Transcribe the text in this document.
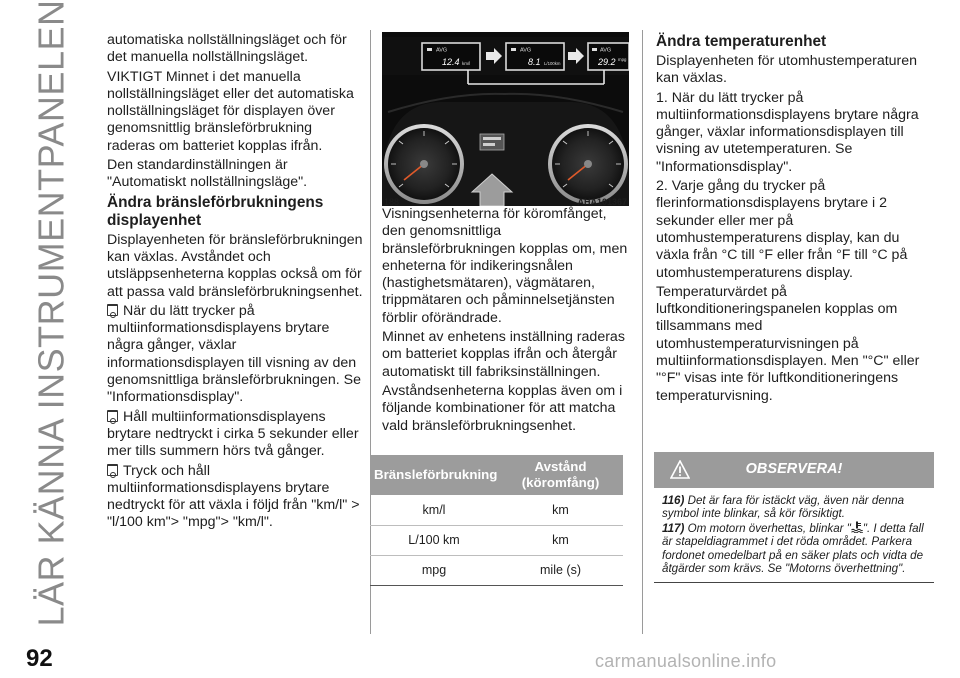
LÄR KÄNNA INSTRUMENTPANELEN	automatiska nollställningsläget och för det manuella nollställningsläget.

VIKTIGT Minnet i det manuella nollställningsläget eller det automatiska nollställningsläget för displayen över genomsnittlig bränsleförbrukning raderas om batteriet kopplas ifrån.

Den standardinställningen är "Automatiskt nollställningsläge".

Ändra bränsleförbrukningens displayenhet

Displayenheten för bränsleförbrukningen kan växlas. Avståndet och utsläppsenheterna kopplas också om för att passa vald bränsleförbrukningsenhet.

När du lätt trycker på multiinformationsdisplayens brytare några gånger, växlar informationsdisplayen till visning av den genomsnittliga bränsleförbrukningen. Se "Informationsdisplay".

Håll multiinformationsdisplayens brytare nedtryckt i cirka 5 sekunder eller mer tills summern hörs två gånger.

Tryck och håll multiinformationsdisplayens brytare nedtryckt för att växla i följd från "km/l" > "l/100 km"> "mpg"> "km/l".

AVG
12.4 km/l
AVG
8.1 L/100km
AVG
29.2 mpg
188	AHA101367

Visningsenheterna för köromfånget, den genomsnittliga bränsleförbrukningen kopplas om, men enheterna för indikeringsnålen (hastighetsmätaren), vägmätaren, trippmätaren och påminnelsetjänsten förblir oförändrade.

Minnet av enhetens inställning raderas om batteriet kopplas ifrån och återgår automatiskt till fabriksinställningen.

Avståndsenheterna kopplas även om i följande kombinationer för att matcha vald bränsleförbrukningsenhet.

Bränsleförbrukning	Avstånd (köromfång)
km/l	km
L/100 km	km
mpg	mile (s)
Ändra temperaturenhet

Displayenheten för utomhustemperaturen kan växlas.

1. När du lätt trycker på multiinformationsdisplayens brytare några gånger, växlar informationsdisplayen till visning av utetemperaturen. Se "Informationsdisplay".

2. Varje gång du trycker på flerinformationsdisplayens brytare i 2 sekunder eller mer på utomhustemperaturens display, kan du växla från °C till °F eller från °F till °C på utomhustemperaturens display.

Temperaturvärdet på luftkonditioneringspanelen kopplas om tillsammans med utomhustemperaturvisningen på multiinformationsdisplayen. Men "°C" eller "°F" visas inte för luftkonditioneringens temperaturvisning.

OBSERVERA!

116) Det är fara för istäckt väg, även när denna symbol inte blinkar, så kör försiktigt.

117) Om motorn överhettas, blinkar " ". I detta fall är stapeldiagrammet i det röda området. Parkera fordonet omedelbart på en säker plats och vidta de åtgärder som krävs. Se "Motorns överhettning".

92	carmanualsonline.info
